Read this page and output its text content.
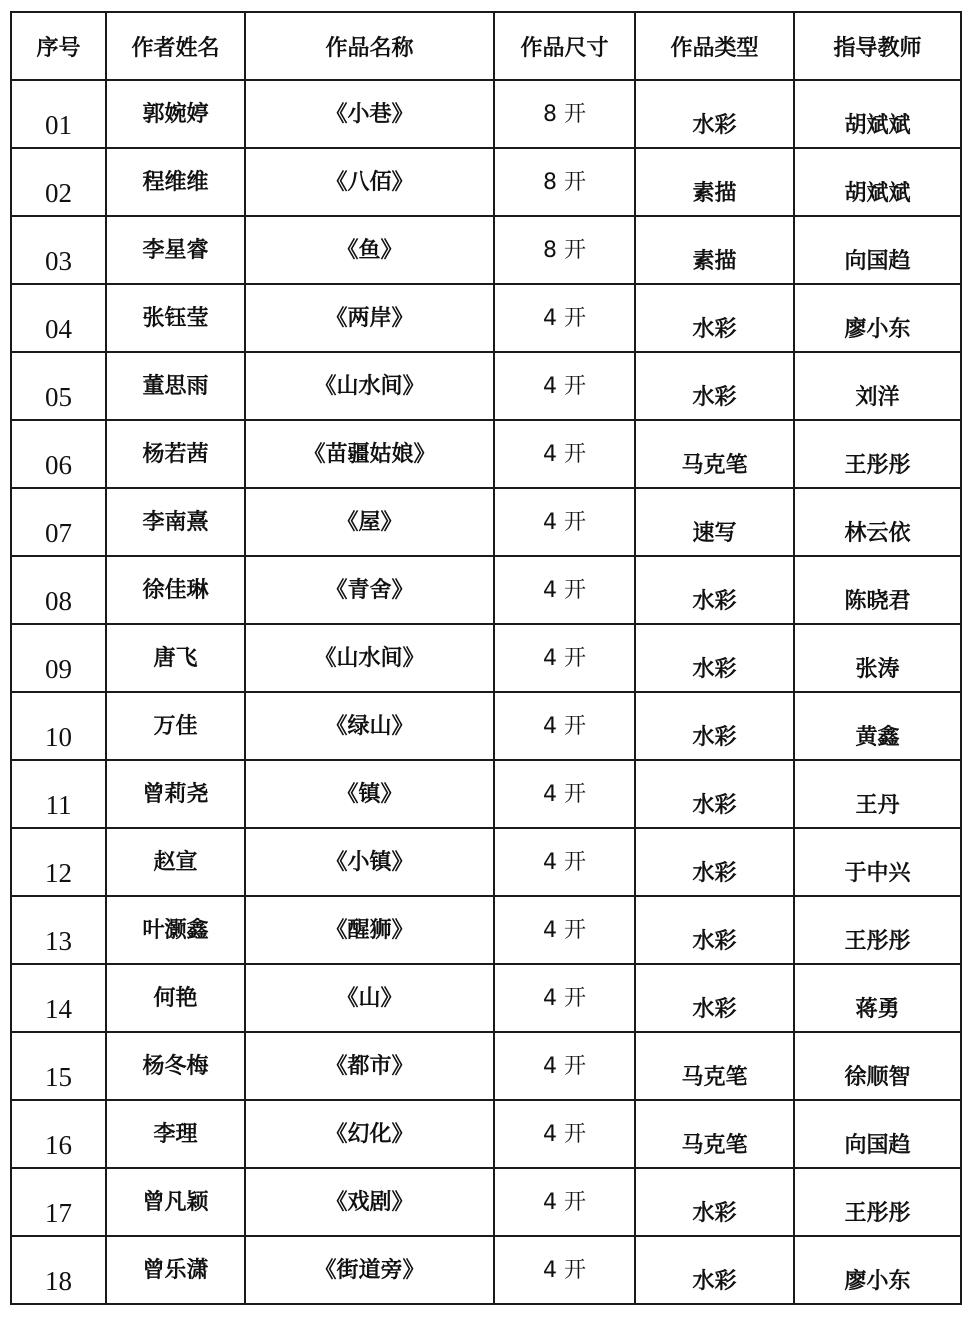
序号	作者姓名	作品名称	作品尺寸	作品类型	指导教师

01	郭婉婷	《小巷》	8 开	水彩	胡斌斌

02	程维维	《八佰》	8 开	素描	胡斌斌

03	李星睿	《鱼》	8 开	素描	向国趋

04	张钰莹	《两岸》	4 开	水彩	廖小东

05	董思雨	《山水间》	4 开	水彩	刘洋

06	杨若茜	《苗疆姑娘》	4 开	马克笔	王彤彤

07	李南熹	《屋》	4 开	速写	林云依

08	徐佳琳	《青舍》	4 开	水彩	陈晓君

09	唐飞	《山水间》	4 开	水彩	张涛

10	万佳	《绿山》	4 开	水彩	黄鑫

11	曾莉尧	《镇》	4 开	水彩	王丹

12	赵宣	《小镇》	4 开	水彩	于中兴

13	叶灏鑫	《醒狮》	4 开	水彩	王彤彤

14	何艳	《山》	4 开	水彩	蒋勇

15	杨冬梅	《都市》	4 开	马克笔	徐顺智

16	李理	《幻化》	4 开	马克笔	向国趋

17	曾凡颖	《戏剧》	4 开	水彩	王彤彤

18	曾乐潇	《街道旁》	4 开	水彩	廖小东
